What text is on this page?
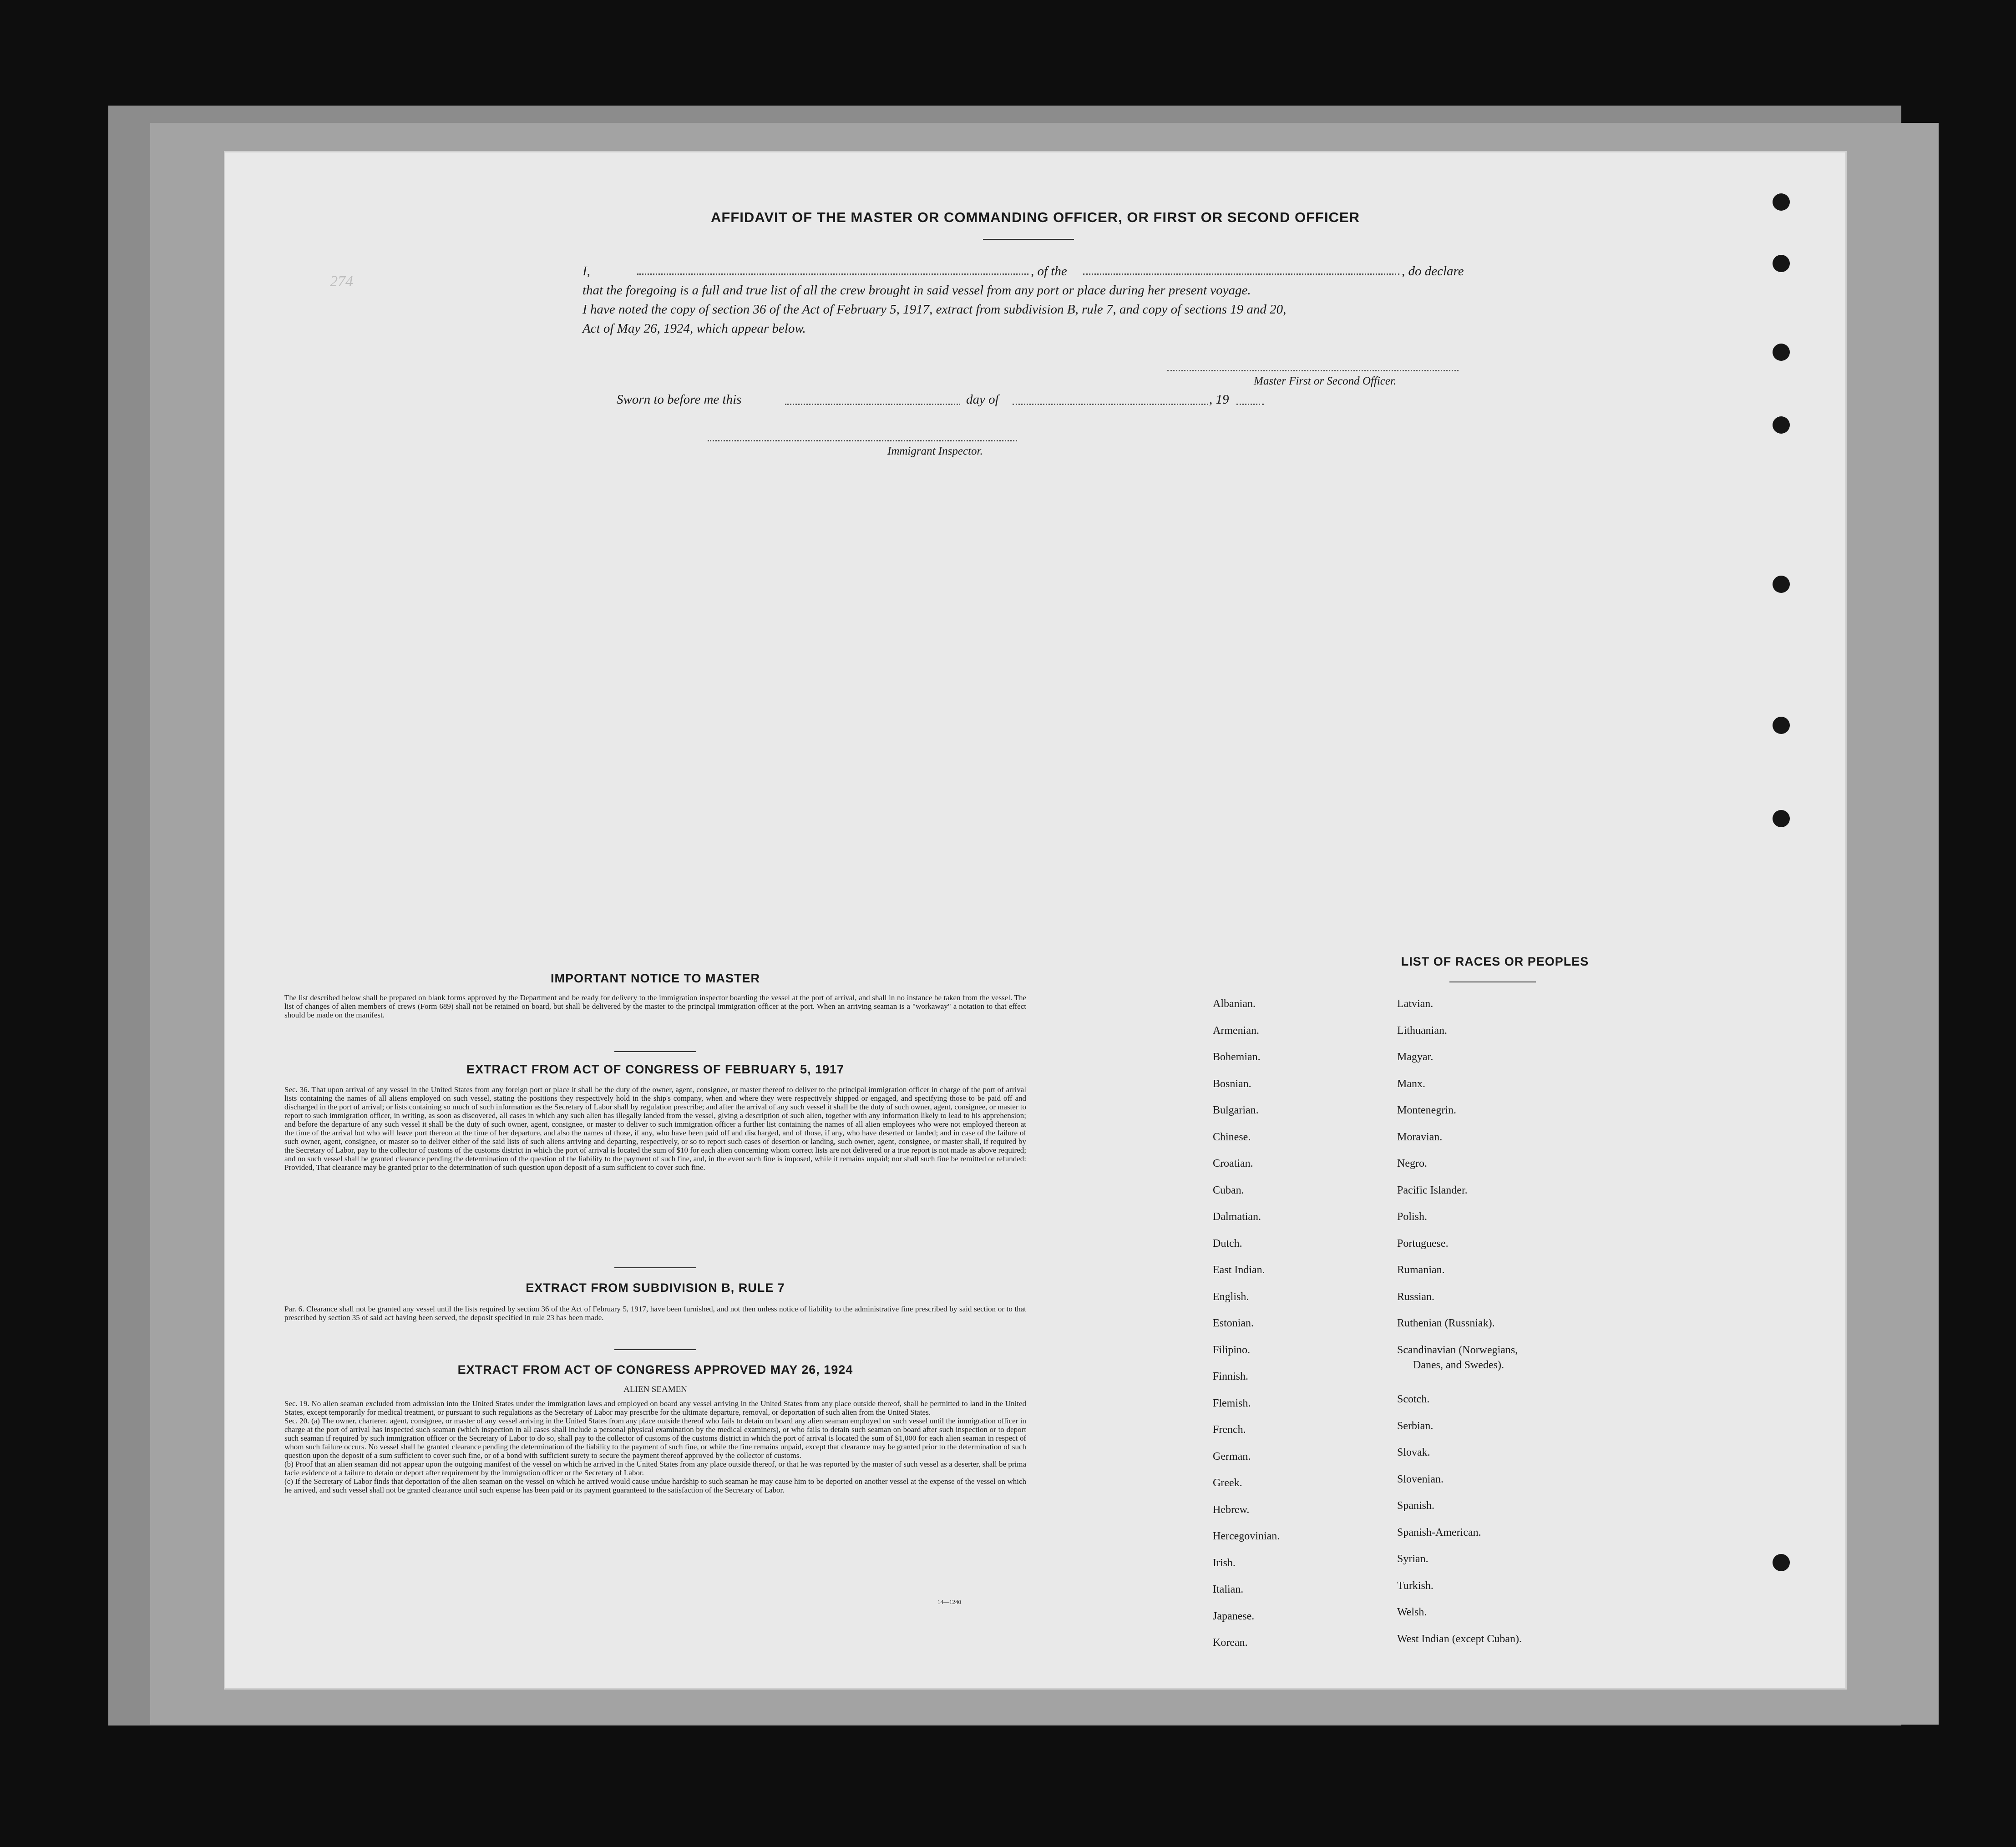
274
AFFIDAVIT OF THE MASTER OR COMMANDING OFFICER, OR FIRST OR SECOND OFFICER
I,	, of the	, do declare
that the foregoing is a full and true list of all the crew brought in said vessel from any port or place during her present voyage.
I have noted the copy of section 36 of the Act of February 5, 1917, extract from subdivision B, rule 7, and copy of sections 19 and 20,
Act of May 26, 1924, which appear below.
Master First or Second Officer.
Sworn to before me this	day of	, 19
Immigrant Inspector.
IMPORTANT NOTICE TO MASTER
The list described below shall be prepared on blank forms approved by the Department and be ready for delivery to the immigration inspector boarding the vessel at the port of arrival, and shall in no instance be taken from the vessel. The list of changes of alien members of crews (Form 689) shall not be retained on board, but shall be delivered by the master to the principal immigration officer at the port. When an arriving seaman is a "workaway" a notation to that effect should be made on the manifest.
EXTRACT FROM ACT OF CONGRESS OF FEBRUARY 5, 1917
Sec. 36. That upon arrival of any vessel in the United States from any foreign port or place it shall be the duty of the owner, agent, consignee, or master thereof to deliver to the principal immigration officer in charge of the port of arrival lists containing the names of all aliens employed on such vessel, stating the positions they respectively hold in the ship's company, when and where they were respectively shipped or engaged, and specifying those to be paid off and discharged in the port of arrival; or lists containing so much of such information as the Secretary of Labor shall by regulation prescribe; and after the arrival of any such vessel it shall be the duty of such owner, agent, consignee, or master to report to such immigration officer, in writing, as soon as discovered, all cases in which any such alien has illegally landed from the vessel, giving a description of such alien, together with any information likely to lead to his apprehension; and before the departure of any such vessel it shall be the duty of such owner, agent, consignee, or master to deliver to such immigration officer a further list containing the names of all alien employees who were not employed thereon at the time of the arrival but who will leave port thereon at the time of her departure, and also the names of those, if any, who have been paid off and discharged, and of those, if any, who have deserted or landed; and in case of the failure of such owner, agent, consignee, or master so to deliver either of the said lists of such aliens arriving and departing, respectively, or so to report such cases of desertion or landing, such owner, agent, consignee, or master shall, if required by the Secretary of Labor, pay to the collector of customs of the customs district in which the port of arrival is located the sum of $10 for each alien concerning whom correct lists are not delivered or a true report is not made as above required; and no such vessel shall be granted clearance pending the determination of the question of the liability to the payment of such fine, and, in the event such fine is imposed, while it remains unpaid; nor shall such fine be remitted or refunded: Provided, That clearance may be granted prior to the determination of such question upon deposit of a sum sufficient to cover such fine.
EXTRACT FROM SUBDIVISION B, RULE 7
Par. 6. Clearance shall not be granted any vessel until the lists required by section 36 of the Act of February 5, 1917, have been furnished, and not then unless notice of liability to the administrative fine prescribed by said section or to that prescribed by section 35 of said act having been served, the deposit specified in rule 23 has been made.
EXTRACT FROM ACT OF CONGRESS APPROVED MAY 26, 1924
ALIEN SEAMEN
Sec. 19. No alien seaman excluded from admission into the United States under the immigration laws and employed on board any vessel arriving in the United States from any place outside thereof, shall be permitted to land in the United States, except temporarily for medical treatment, or pursuant to such regulations as the Secretary of Labor may prescribe for the ultimate departure, removal, or deportation of such alien from the United States.
Sec. 20. (a) The owner, charterer, agent, consignee, or master of any vessel arriving in the United States from any place outside thereof who fails to detain on board any alien seaman employed on such vessel until the immigration officer in charge at the port of arrival has inspected such seaman (which inspection in all cases shall include a personal physical examination by the medical examiners), or who fails to detain such seaman on board after such inspection or to deport such seaman if required by such immigration officer or the Secretary of Labor to do so, shall pay to the collector of customs of the customs district in which the port of arrival is located the sum of $1,000 for each alien seaman in respect of whom such failure occurs. No vessel shall be granted clearance pending the determination of the liability to the payment of such fine, or while the fine remains unpaid, except that clearance may be granted prior to the determination of such question upon the deposit of a sum sufficient to cover such fine, or of a bond with sufficient surety to secure the payment thereof approved by the collector of customs.
(b) Proof that an alien seaman did not appear upon the outgoing manifest of the vessel on which he arrived in the United States from any place outside thereof, or that he was reported by the master of such vessel as a deserter, shall be prima facie evidence of a failure to detain or deport after requirement by the immigration officer or the Secretary of Labor.
(c) If the Secretary of Labor finds that deportation of the alien seaman on the vessel on which he arrived would cause undue hardship to such seaman he may cause him to be deported on another vessel at the expense of the vessel on which he arrived, and such vessel shall not be granted clearance until such expense has been paid or its payment guaranteed to the satisfaction of the Secretary of Labor.
14—1240
LIST OF RACES OR PEOPLES
Albanian.
Armenian.
Bohemian.
Bosnian.
Bulgarian.
Chinese.
Croatian.
Cuban.
Dalmatian.
Dutch.
East Indian.
English.
Estonian.
Filipino.
Finnish.
Flemish.
French.
German.
Greek.
Hebrew.
Hercegovinian.
Irish.
Italian.
Japanese.
Korean.
Latvian.
Lithuanian.
Magyar.
Manx.
Montenegrin.
Moravian.
Negro.
Pacific Islander.
Polish.
Portuguese.
Rumanian.
Russian.
Ruthenian (Russniak).
Scandinavian (Norwegians,
Danes, and Swedes).
Scotch.
Serbian.
Slovak.
Slovenian.
Spanish.
Spanish-American.
Syrian.
Turkish.
Welsh.
West Indian (except Cuban).
